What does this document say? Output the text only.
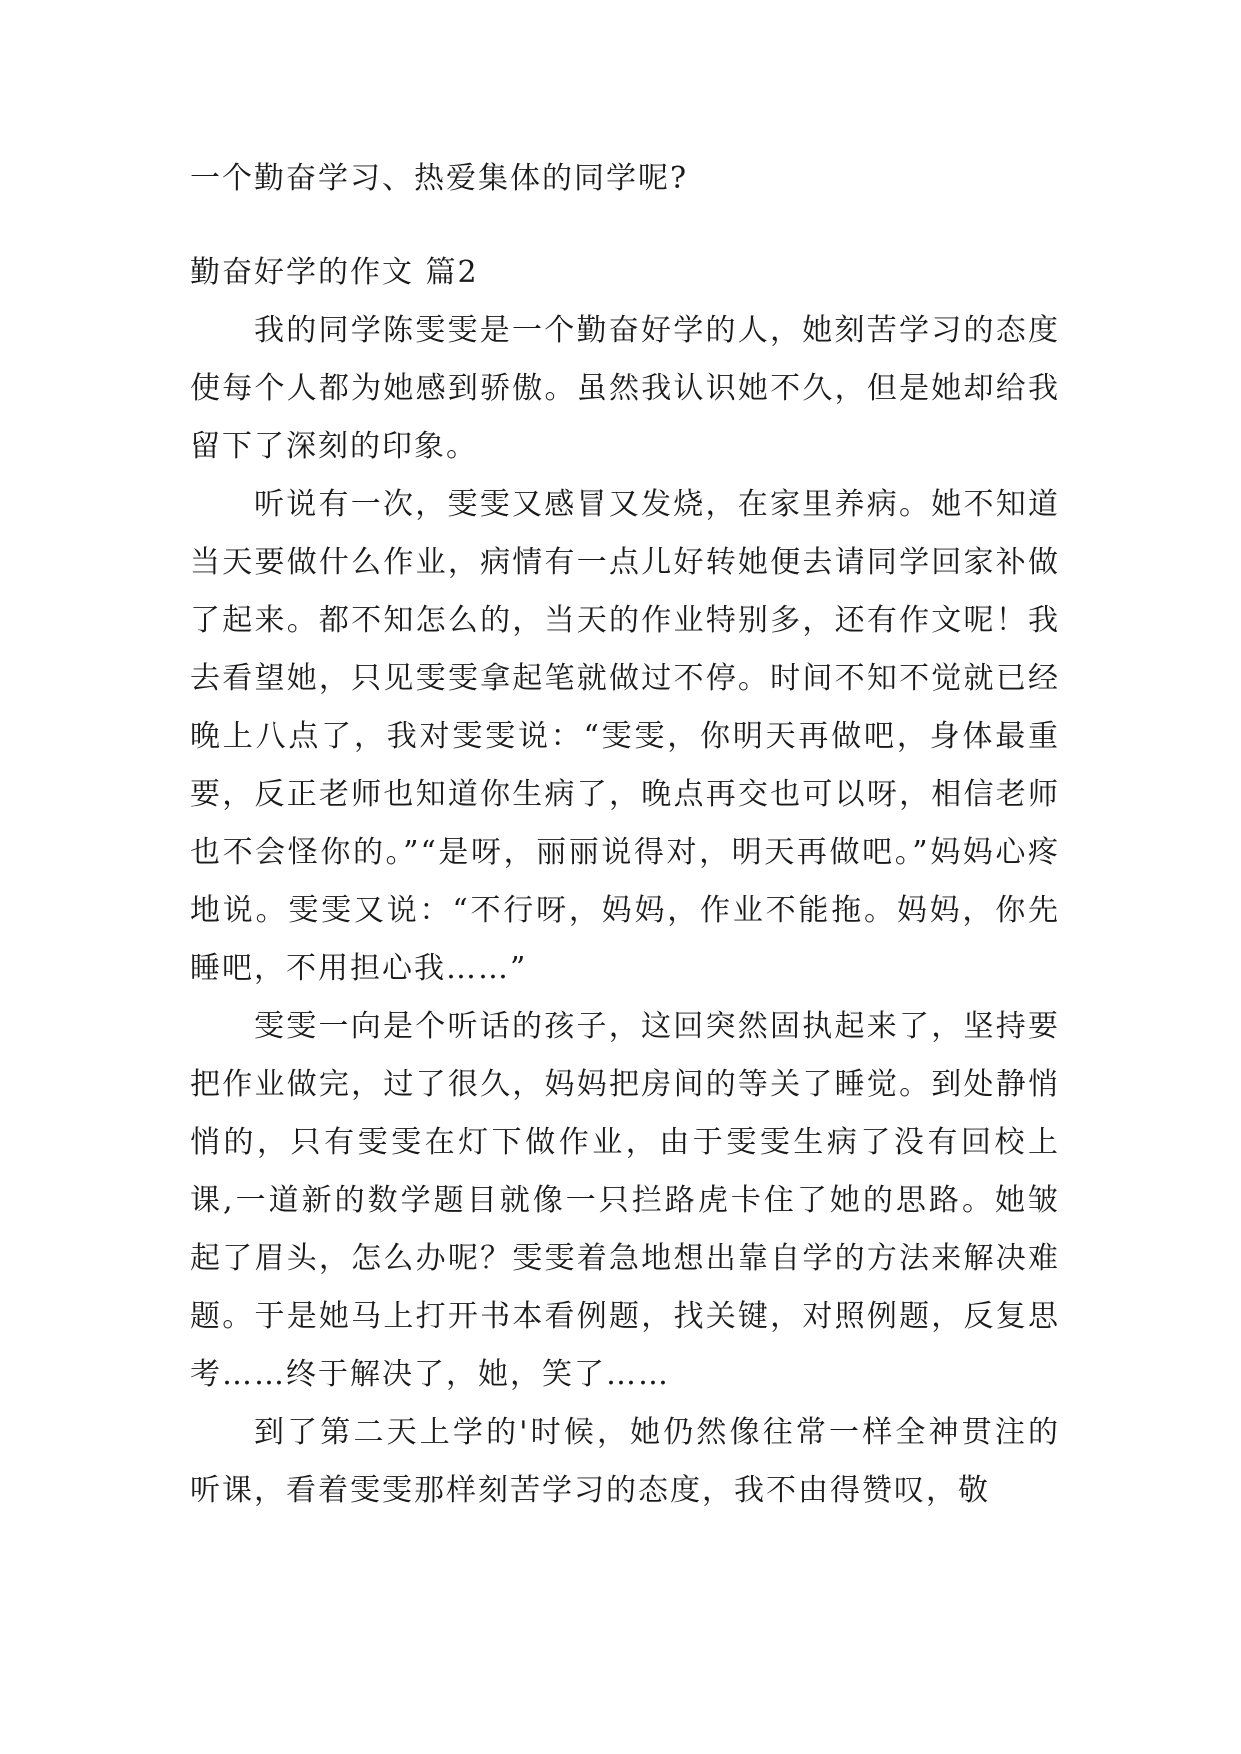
一个勤奋学习、热爱集体的同学呢?

勤奋好学的作文 篇2

我的同学陈雯雯是一个勤奋好学的人，她刻苦学习的态度使每个人都为她感到骄傲。虽然我认识她不久，但是她却给我留下了深刻的印象。

听说有一次，雯雯又感冒又发烧，在家里养病。她不知道当天要做什么作业，病情有一点儿好转她便去请同学回家补做了起来。都不知怎么的，当天的作业特别多，还有作文呢！我去看望她，只见雯雯拿起笔就做过不停。时间不知不觉就已经晚上八点了，我对雯雯说：“雯雯，你明天再做吧，身体最重要，反正老师也知道你生病了，晚点再交也可以呀，相信老师也不会怪你的。”“是呀，丽丽说得对，明天再做吧。”妈妈心疼地说。雯雯又说：“不行呀，妈妈，作业不能拖。妈妈，你先睡吧，不用担心我……”

雯雯一向是个听话的孩子，这回突然固执起来了，坚持要把作业做完，过了很久，妈妈把房间的等关了睡觉。到处静悄悄的，只有雯雯在灯下做作业，由于雯雯生病了没有回校上课,一道新的数学题目就像一只拦路虎卡住了她的思路。她皱起了眉头，怎么办呢？雯雯着急地想出靠自学的方法来解决难题。于是她马上打开书本看例题，找关键，对照例题，反复思考……终于解决了，她，笑了……

到了第二天上学的'时候，她仍然像往常一样全神贯注的听课，看着雯雯那样刻苦学习的态度，我不由得赞叹，敬
